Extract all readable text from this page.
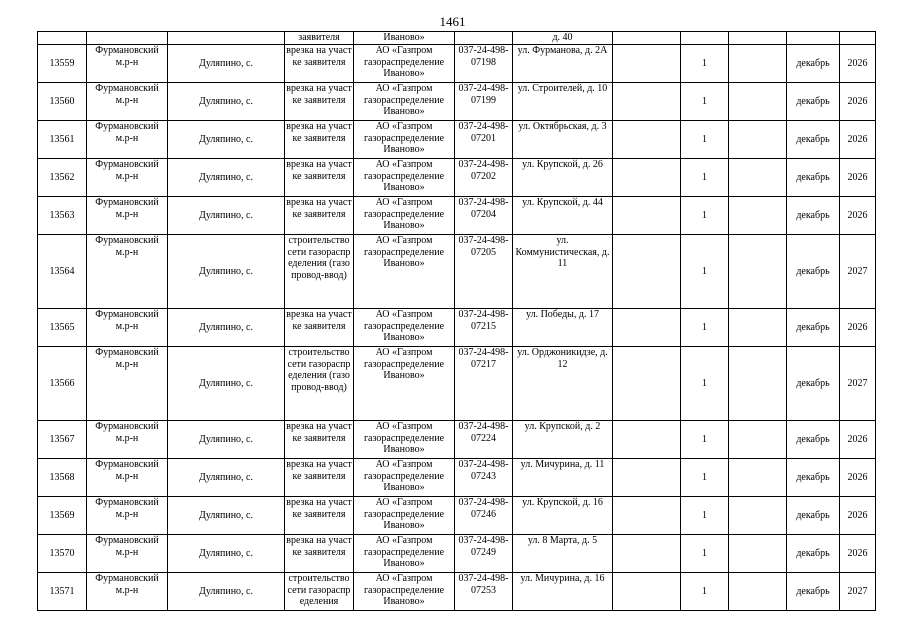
1461
			заявителя	Иваново»		д. 40					
13559	Фурмановский м.р-н	Дуляпино, с.	врезка на участке заявителя	АО «Газпром газораспределение Иваново»	037-24-498-07198	ул. Фурманова, д. 2А		1		декабрь	2026
13560	Фурмановский м.р-н	Дуляпино, с.	врезка на участке заявителя	АО «Газпром газораспределение Иваново»	037-24-498-07199	ул. Строителей, д. 10		1		декабрь	2026
13561	Фурмановский м.р-н	Дуляпино, с.	врезка на участке заявителя	АО «Газпром газораспределение Иваново»	037-24-498-07201	ул. Октябрьская, д. 3		1		декабрь	2026
13562	Фурмановский м.р-н	Дуляпино, с.	врезка на участке заявителя	АО «Газпром газораспределение Иваново»	037-24-498-07202	ул. Крупской, д. 26		1		декабрь	2026
13563	Фурмановский м.р-н	Дуляпино, с.	врезка на участке заявителя	АО «Газпром газораспределение Иваново»	037-24-498-07204	ул. Крупской, д. 44		1		декабрь	2026
13564	Фурмановский м.р-н	Дуляпино, с.	строительство сети газораспределения (газопровод-ввод)	АО «Газпром газораспределение Иваново»	037-24-498-07205	ул. Коммунистическая, д. 11		1		декабрь	2027
13565	Фурмановский м.р-н	Дуляпино, с.	врезка на участке заявителя	АО «Газпром газораспределение Иваново»	037-24-498-07215	ул. Победы, д. 17		1		декабрь	2026
13566	Фурмановский м.р-н	Дуляпино, с.	строительство сети газораспределения (газопровод-ввод)	АО «Газпром газораспределение Иваново»	037-24-498-07217	ул. Орджоникидзе, д. 12		1		декабрь	2027
13567	Фурмановский м.р-н	Дуляпино, с.	врезка на участке заявителя	АО «Газпром газораспределение Иваново»	037-24-498-07224	ул. Крупской, д. 2		1		декабрь	2026
13568	Фурмановский м.р-н	Дуляпино, с.	врезка на участке заявителя	АО «Газпром газораспределение Иваново»	037-24-498-07243	ул. Мичурина, д. 11		1		декабрь	2026
13569	Фурмановский м.р-н	Дуляпино, с.	врезка на участке заявителя	АО «Газпром газораспределение Иваново»	037-24-498-07246	ул. Крупской, д. 16		1		декабрь	2026
13570	Фурмановский м.р-н	Дуляпино, с.	врезка на участке заявителя	АО «Газпром газораспределение Иваново»	037-24-498-07249	ул. 8 Марта, д. 5		1		декабрь	2026
13571	Фурмановский м.р-н	Дуляпино, с.	строительство сети газораспределения	АО «Газпром газораспределение Иваново»	037-24-498-07253	ул. Мичурина, д. 16		1		декабрь	2027
